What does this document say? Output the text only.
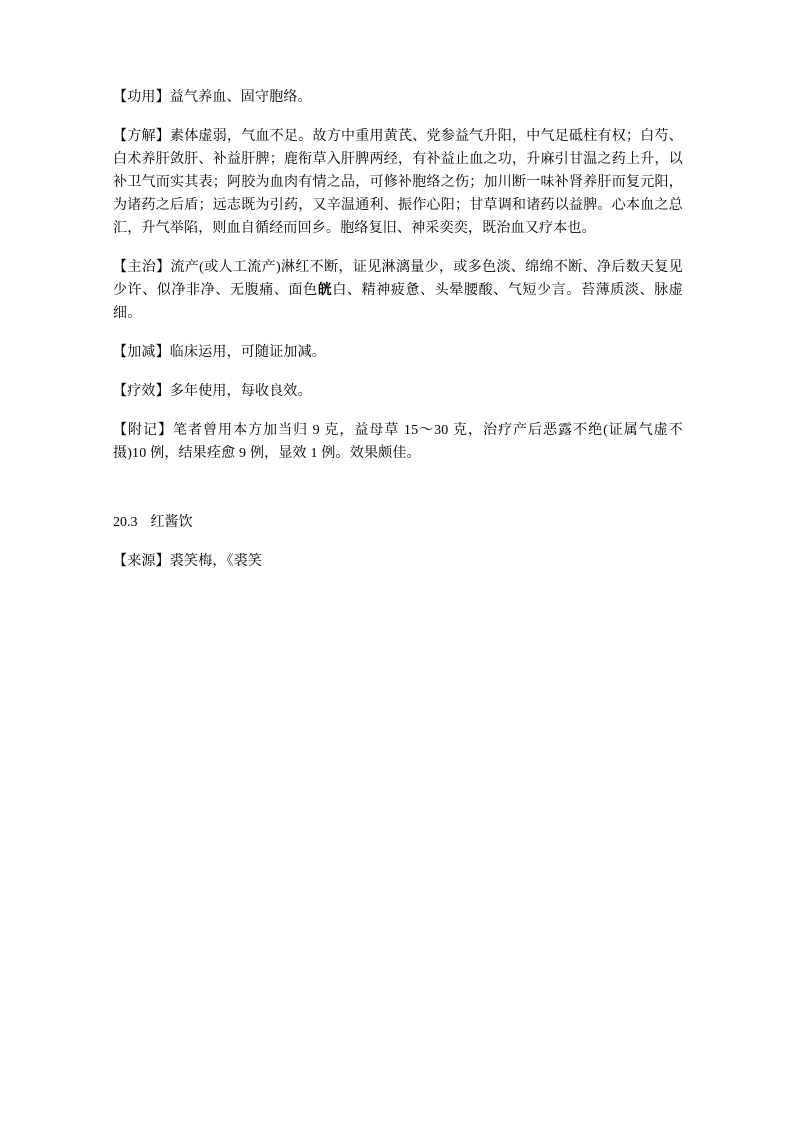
【功用】益气养血、固守胞络。

【方解】素体虚弱，气血不足。故方中重用黄芪、党参益气升阳，中气足砥柱有权；白芍、白术养肝敛肝、补益肝脾；鹿衔草入肝脾两经，有补益止血之功，升麻引甘温之药上升，以补卫气而实其表；阿胶为血肉有情之品，可修补胞络之伤；加川断一味补肾养肝而复元阳，为诸药之后盾；远志既为引药，又辛温通利、振作心阳；甘草调和诸药以益脾。心本血之总汇，升气举陷，则血自循经而回乡。胞络复旧、神采奕奕，既治血又疗本也。

【主治】流产(或人工流产)淋红不断，证见淋漓量少，或多色淡、绵绵不断、净后数天复见少许、似净非净、无腹痛、面色㿠白、精神疲惫、头晕腰酸、气短少言。苔薄质淡、脉虚细。

【加减】临床运用，可随证加减。

【疗效】多年使用，每收良效。

【附记】笔者曾用本方加当归 9 克，益母草 15～30 克，治疗产后恶露不绝(证属气虚不摄)10 例，结果痊愈 9 例，显效 1 例。效果颇佳。

20.3 红酱饮

【来源】裘笑梅，《裘笑
